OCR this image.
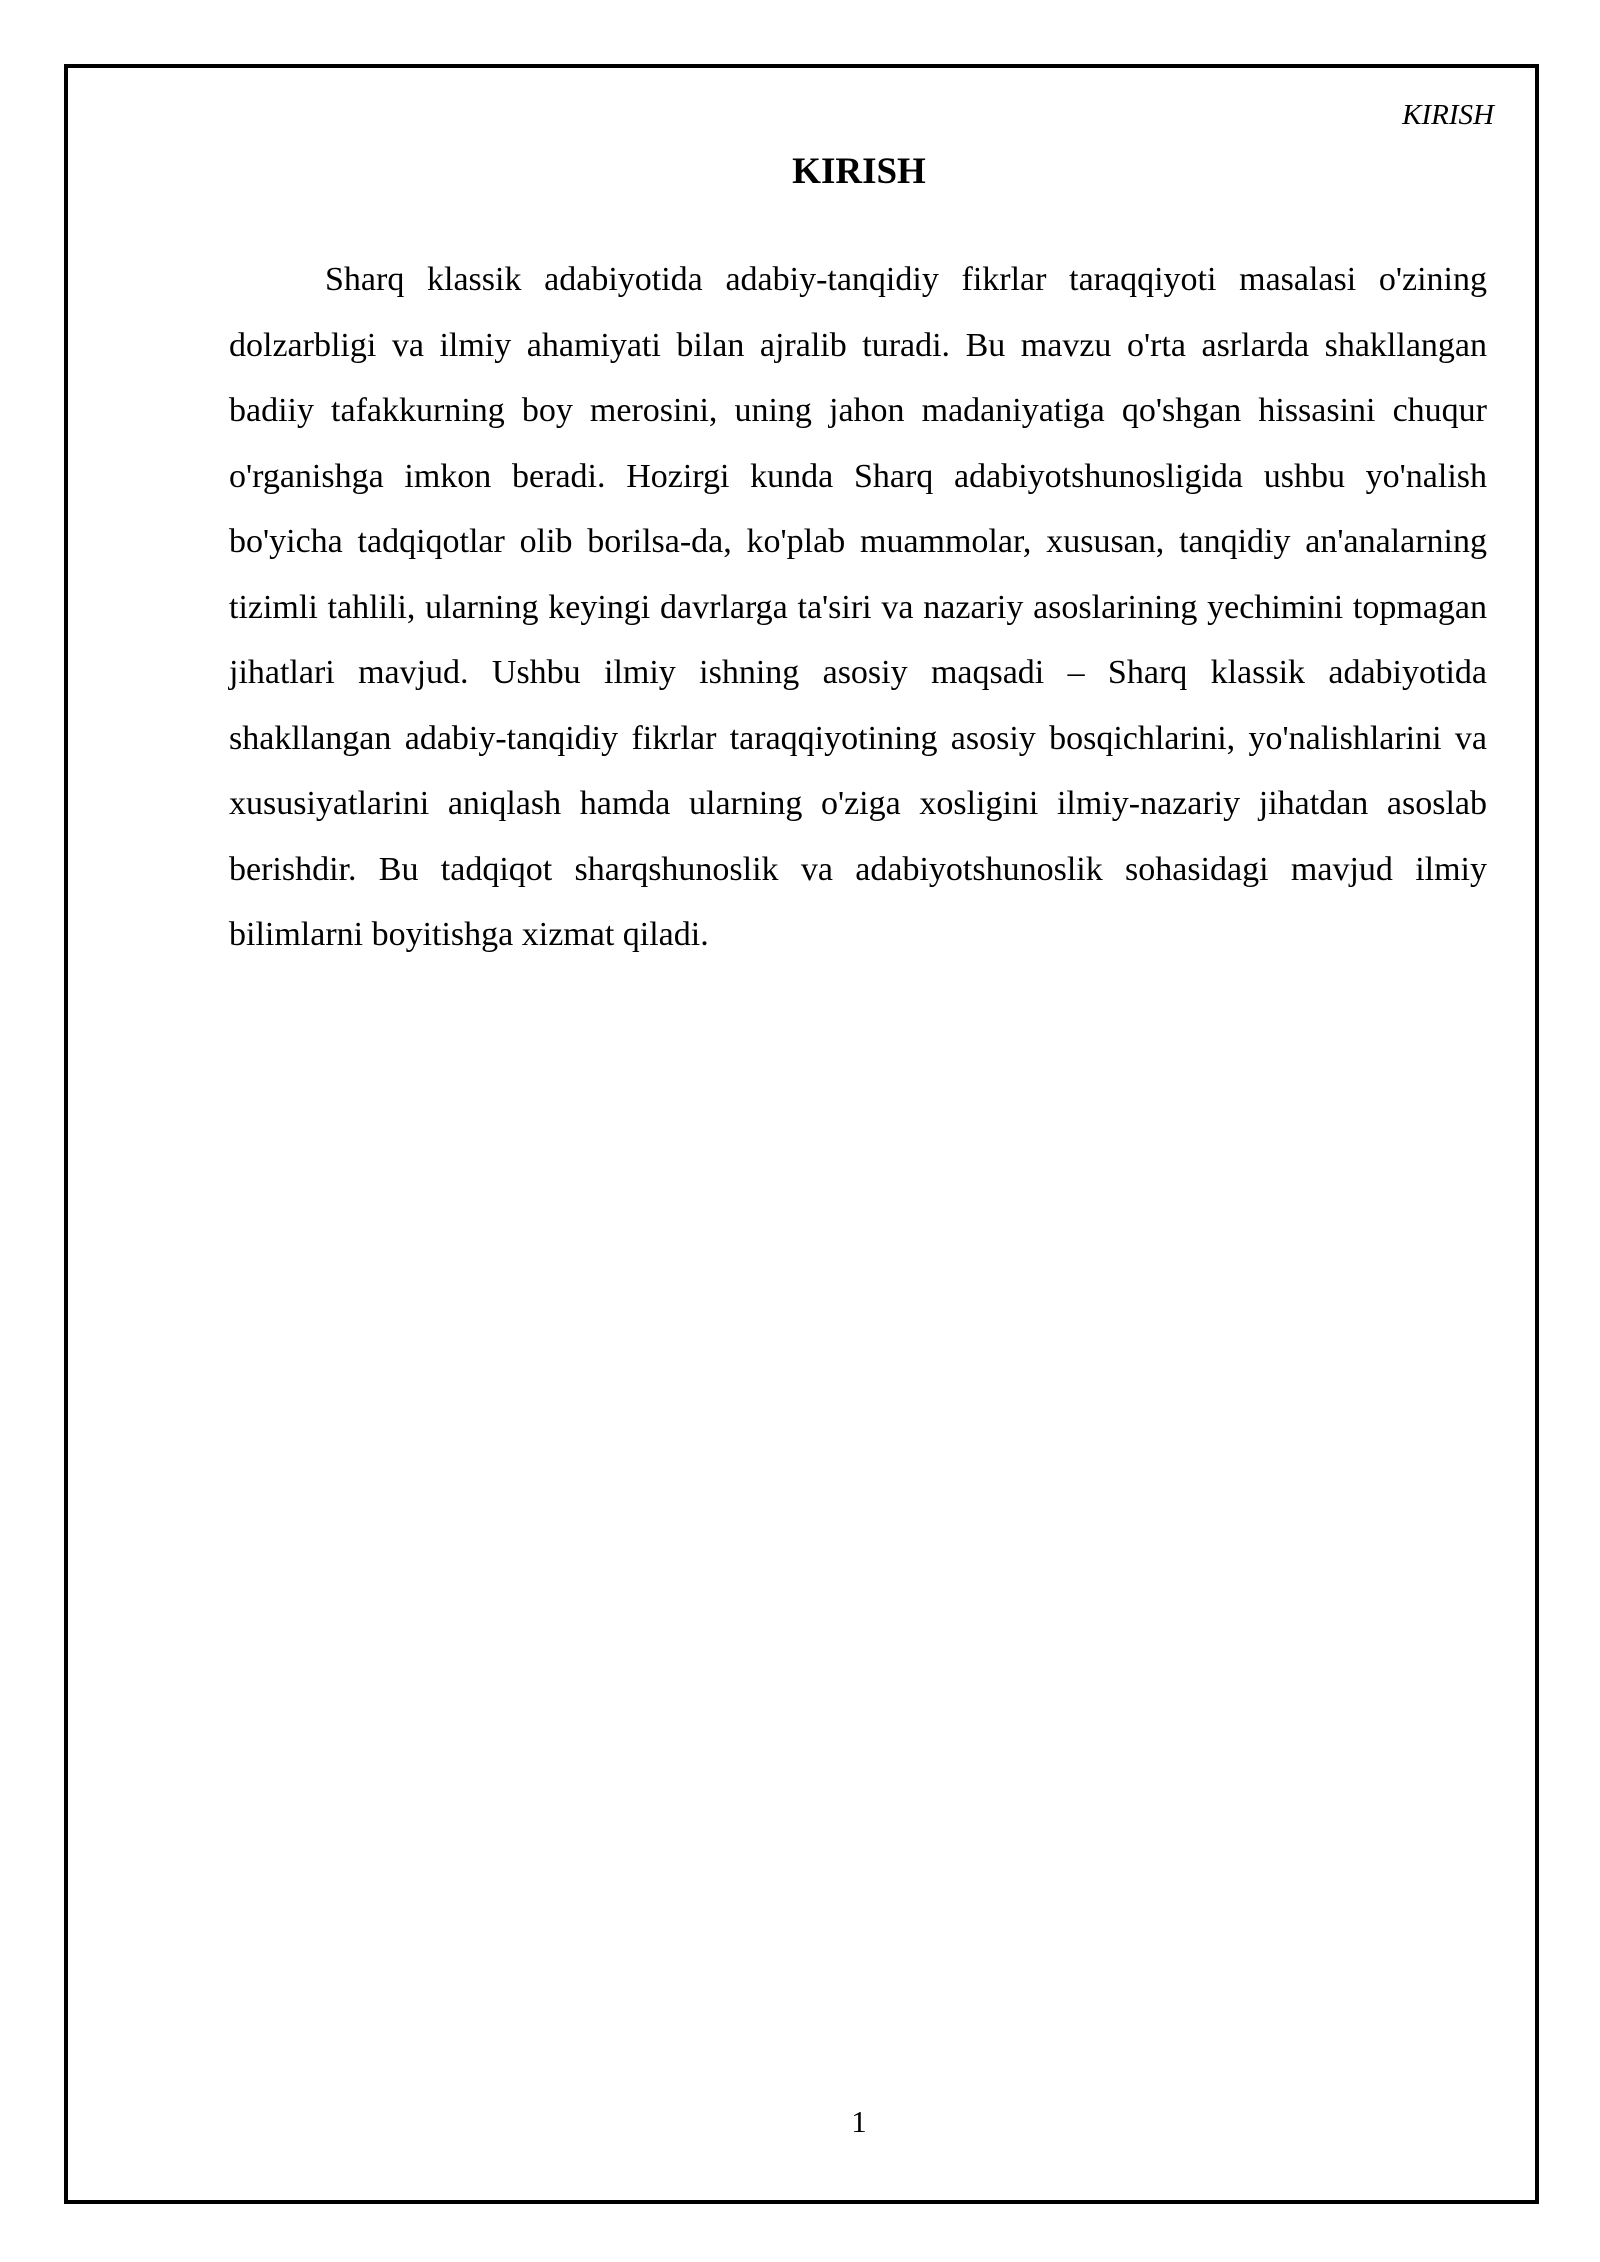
KIRISH
KIRISH

Sharq klassik adabiyotida adabiy-tanqidiy fikrlar taraqqiyoti masalasi o'zining dolzarbligi va ilmiy ahamiyati bilan ajralib turadi. Bu mavzu o'rta asrlarda shakllangan badiiy tafakkurning boy merosini, uning jahon madaniyatiga qo'shgan hissasini chuqur o'rganishga imkon beradi. Hozirgi kunda Sharq adabiyotshunosligida ushbu yo'nalish bo'yicha tadqiqotlar olib borilsa-da, ko'plab muammolar, xususan, tanqidiy an'analarning tizimli tahlili, ularning keyingi davrlarga ta'siri va nazariy asoslarining yechimini topmagan jihatlari mavjud. Ushbu ilmiy ishning asosiy maqsadi – Sharq klassik adabiyotida shakllangan adabiy-tanqidiy fikrlar taraqqiyotining asosiy bosqichlarini, yo'nalishlarini va xususiyatlarini aniqlash hamda ularning o'ziga xosligini ilmiy-nazariy jihatdan asoslab berishdir. Bu tadqiqot sharqshunoslik va adabiyotshunoslik sohasidagi mavjud ilmiy bilimlarni boyitishga xizmat qiladi.

1
